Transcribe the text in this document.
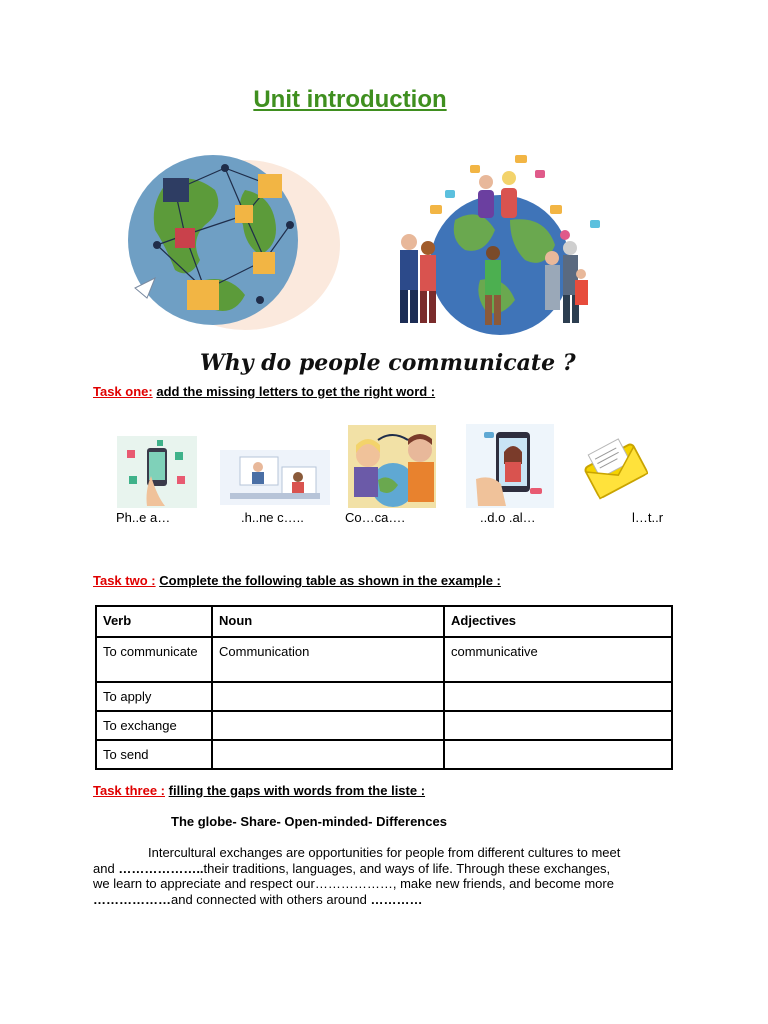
Unit introduction
Why do people communicate ?
Task one: add the missing letters to get the right word :
Ph..e a…	.h..ne c…..	Co…ca….	..d.o .al…	l…t..r
Task two : Complete the following table as shown in the example :
Verb	Noun	Adjectives
To communicate	Communication	communicative
To apply		
To exchange		
To send		
Task three : filling the gaps with words from the liste :
The globe- Share- Open-minded- Differences
Intercultural exchanges are opportunities for people from different cultures to meet
and ………………..their traditions, languages, and ways of life. Through these exchanges,
we learn to appreciate and respect our………………, make new friends, and become more
………………and connected with others around …………
